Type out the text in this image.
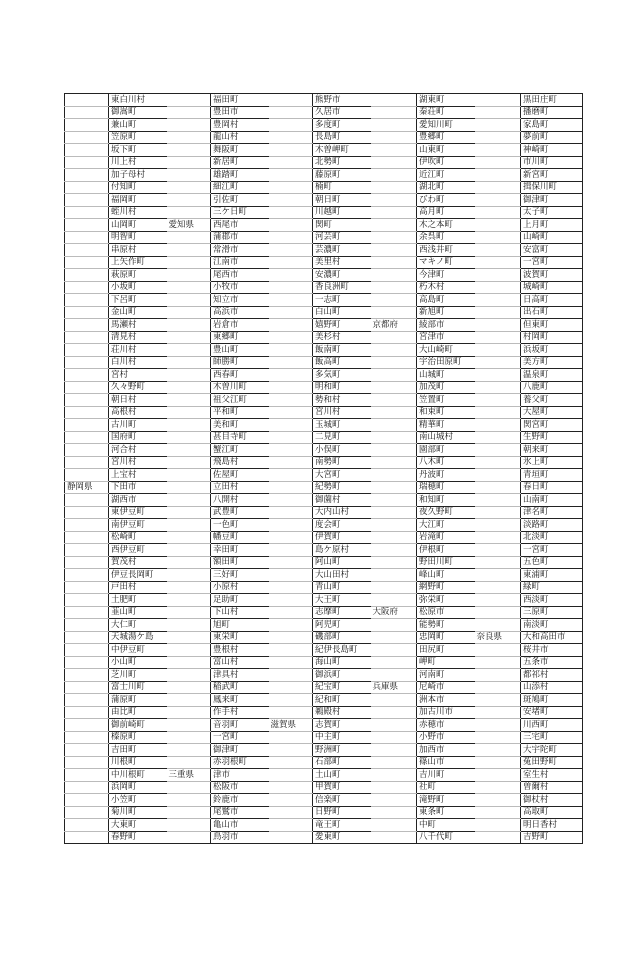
	東白川村		福田町		熊野市		湖東町		黒田庄町
	御嵩町		豊田市		久居市		秦荘町		播磨町
	兼山町		豊岡村		多度町		愛知川町		家島町
	笠原町		龍山村		長島町		豊郷町		夢前町
	坂下町		舞阪町		木曽岬町		山東町		神崎町
	川上村		新居町		北勢町		伊吹町		市川町
	加子母村		雄踏町		藤原町		近江町		新宮町
	付知町		細江町		楠町		湖北町		揖保川町
	福岡町		引佐町		朝日町		びわ町		御津町
	蛭川村		三ケ日町		川越町		高月町		太子町
	山岡町	愛知県	西尾市		関町		木之本町		上月町
	明智町		蒲郡市		河芸町		余呉町		山崎町
	串原村		常滑市		芸濃町		西浅井町		安富町
	上矢作町		江南市		美里村		マキノ町		一宮町
	萩原町		尾西市		安濃町		今津町		波賀町
	小坂町		小牧市		香良洲町		朽木村		城崎町
	下呂町		知立市		一志町		高島町		日高町
	金山町		高浜市		白山町		新旭町		出石町
	馬瀬村		岩倉市		嬉野町	京都府	綾部市		但東町
	清見村		東郷町		美杉村		宮津市		村岡町
	荘川村		豊山町		飯南町		大山崎町		浜坂町
	白川村		師勝町		飯高町		宇治田原町		美方町
	宮村		西春町		多気町		山城町		温泉町
	久々野町		木曽川町		明和町		加茂町		八鹿町
	朝日村		祖父江町		勢和村		笠置町		養父町
	高根村		平和町		宮川村		和束町		大屋町
	古川町		美和町		玉城町		精華町		関宮町
	国府町		甚目寺町		二見町		南山城村		生野町
	河合村		蟹江町		小俣町		園部町		朝来町
	宮川村		飛島村		南勢町		八木町		氷上町
	上宝村		佐屋町		大宮町		丹波町		青垣町
静岡県	下田市		立田村		紀勢町		瑞穂町		春日町
	湖西市		八開村		御薗村		和知町		山南町
	東伊豆町		武豊町		大内山村		夜久野町		津名町
	南伊豆町		一色町		度会町		大江町		淡路町
	松崎町		幡豆町		伊賀町		岩滝町		北淡町
	西伊豆町		幸田町		島ケ原村		伊根町		一宮町
	賀茂村		額田町		阿山町		野田川町		五色町
	伊豆長岡町		三好町		大山田村		峰山町		東浦町
	戸田村		小原村		青山町		網野町		緑町
	土肥町		足助町		大王町		弥栄町		西淡町
	韮山町		下山村		志摩町	大阪府	松原市		三原町
	大仁町		旭町		阿児町		能勢町		南淡町
	天城湯ケ島		東栄町		磯部町		忠岡町	奈良県	大和高田市
	中伊豆町		豊根村		紀伊長島町		田尻町		桜井市
	小山町		富山村		海山町		岬町		五条市
	芝川町		津具村		御浜町		河南町		都祁村
	富士川町		稲武町		紀宝町	兵庫県	尼崎市		山添村
	蒲原町		鳳来町		紀和町		洲本市		斑鳩町
	由比町		作手村		鵜殿村		加古川市		安堵町
	御前崎町		音羽町	滋賀県	志賀町		赤穂市		川西町
	榛原町		一宮町		中主町		小野市		三宅町
	吉田町		御津町		野洲町		加西市		大宇陀町
	川根町		赤羽根町		石部町		篠山市		菟田野町
	中川根町	三重県	津市		土山町		吉川町		室生村
	浜岡町		松阪市		甲賀町		社町		曽爾村
	小笠町		鈴鹿市		信楽町		滝野町		御杖村
	菊川町		尾鷲市		日野町		東条町		高取町
	大東町		亀山市		竜王町		中町		明日香村
	春野町		鳥羽市		愛東町		八千代町		吉野町
